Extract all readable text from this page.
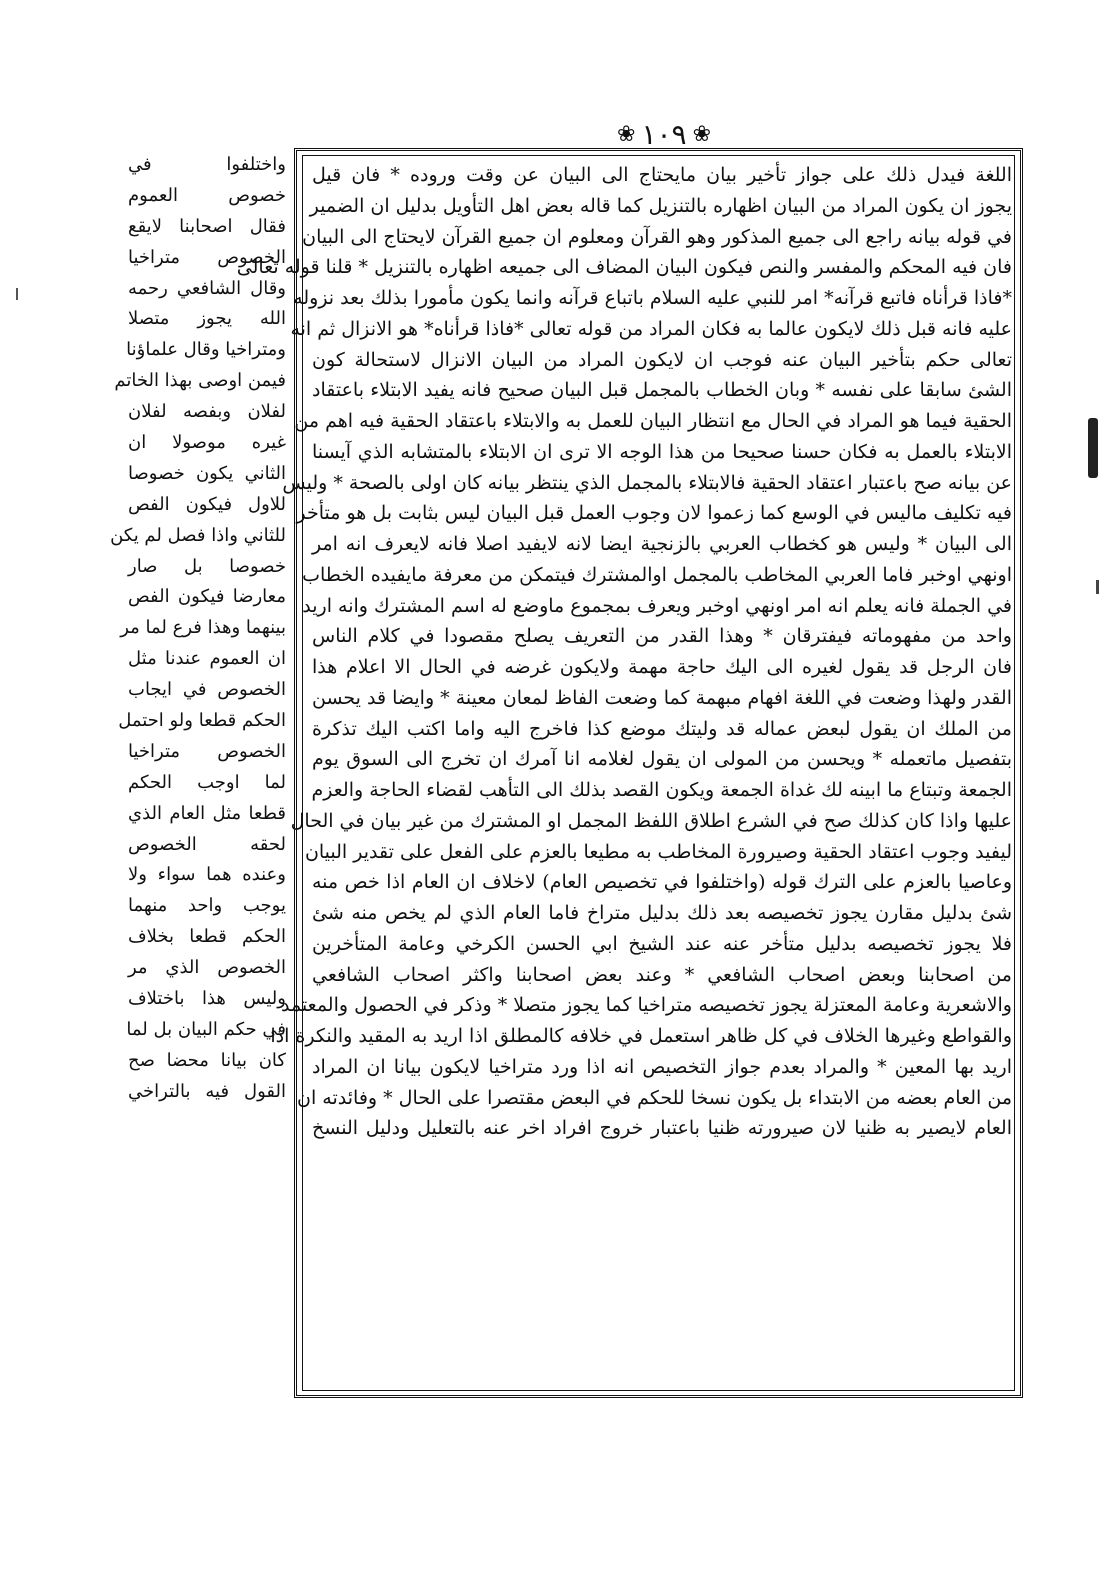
❀
١٠٩
❀
اللغة فيدل ذلك على جواز تأخير بيان مايحتاج الى البيان عن وقت وروده * فان قيل
يجوز ان يكون المراد من البيان اظهاره بالتنزيل كما قاله بعض اهل التأويل بدليل ان الضمير
في قوله بيانه راجع الى جميع المذكور وهو القرآن ومعلوم ان جميع القرآن لايحتاج الى البيان
فان فيه المحكم والمفسر والنص فيكون البيان المضاف الى جميعه اظهاره بالتنزيل * قلنا قوله تعالى
*فاذا قرأناه فاتبع قرآنه* امر للنبي عليه السلام باتباع قرآنه وانما يكون مأمورا بذلك بعد نزوله
عليه فانه قبل ذلك لايكون عالما به فكان المراد من قوله تعالى *فاذا قرأناه* هو الانزال ثم انه
تعالى حكم بتأخير البيان عنه فوجب ان لايكون المراد من البيان الانزال لاستحالة كون
الشئ سابقا على نفسه * وبان الخطاب بالمجمل قبل البيان صحيح فانه يفيد الابتلاء باعتقاد
الحقية فيما هو المراد في الحال مع انتظار البيان للعمل به والابتلاء باعتقاد الحقية فيه اهم من
الابتلاء بالعمل به فكان حسنا صحيحا من هذا الوجه الا ترى ان الابتلاء بالمتشابه الذي آيسنا
عن بيانه صح باعتبار اعتقاد الحقية فالابتلاء بالمجمل الذي ينتظر بيانه كان اولى بالصحة * وليس
فيه تكليف ماليس في الوسع كما زعموا لان وجوب العمل قبل البيان ليس بثابت بل هو متأخر
الى البيان * وليس هو كخطاب العربي بالزنجية ايضا لانه لايفيد اصلا فانه لايعرف انه امر
اونهي اوخبر فاما العربي المخاطب بالمجمل اوالمشترك فيتمكن من معرفة مايفيده الخطاب
في الجملة فانه يعلم انه امر اونهي اوخبر ويعرف بمجموع ماوضع له اسم المشترك وانه اريد
واحد من مفهوماته فيفترقان * وهذا القدر من التعريف يصلح مقصودا في كلام الناس
فان الرجل قد يقول لغيره الى اليك حاجة مهمة ولايكون غرضه في الحال الا اعلام هذا
القدر ولهذا وضعت في اللغة افهام مبهمة كما وضعت الفاظ لمعان معينة * وايضا قد يحسن
من الملك ان يقول لبعض عماله قد وليتك موضع كذا فاخرج اليه واما اكتب اليك تذكرة
بتفصيل ماتعمله * ويحسن من المولى ان يقول لغلامه انا آمرك ان تخرج الى السوق يوم
الجمعة وتبتاع ما ابينه لك غداة الجمعة ويكون القصد بذلك الى التأهب لقضاء الحاجة والعزم
عليها واذا كان كذلك صح في الشرع اطلاق اللفظ المجمل او المشترك من غير بيان في الحال
ليفيد وجوب اعتقاد الحقية وصيرورة المخاطب به مطيعا بالعزم على الفعل على تقدير البيان
وعاصيا بالعزم على الترك قوله (واختلفوا في تخصيص العام) لاخلاف ان العام اذا خص منه
شئ بدليل مقارن يجوز تخصيصه بعد ذلك بدليل متراخ فاما العام الذي لم يخص منه شئ
فلا يجوز تخصيصه بدليل متأخر عنه عند الشيخ ابي الحسن الكرخي وعامة المتأخرين
من اصحابنا وبعض اصحاب الشافعي * وعند بعض اصحابنا واكثر اصحاب الشافعي
والاشعرية وعامة المعتزلة يجوز تخصيصه متراخيا كما يجوز متصلا * وذكر في الحصول والمعتمد
والقواطع وغيرها الخلاف في كل ظاهر استعمل في خلافه كالمطلق اذا اريد به المقيد والنكرة اذا
اريد بها المعين * والمراد بعدم جواز التخصيص انه اذا ورد متراخيا لايكون بيانا ان المراد
من العام بعضه من الابتداء بل يكون نسخا للحكم في البعض مقتصرا على الحال * وفائدته ان
العام لايصير به ظنيا لان صيرورته ظنيا باعتبار خروج افراد اخر عنه بالتعليل ودليل النسخ
واختلفوا في
خصوص العموم
فقال اصحابنا لايقع
الخصوص متراخيا
وقال الشافعي رحمه
الله يجوز متصلا
ومتراخيا وقال علماؤنا
فيمن اوصى بهذا الخاتم
لفلان وبفصه لفلان
غيره موصولا ان
الثاني يكون خصوصا
للاول فيكون الفص
للثاني واذا فصل لم يكن
خصوصا بل صار
معارضا فيكون الفص
بينهما وهذا فرع لما مر
ان العموم عندنا مثل
الخصوص في ايجاب
الحكم قطعا ولو احتمل
الخصوص متراخيا
لما اوجب الحكم
قطعا مثل العام الذي
لحقه الخصوص
وعنده هما سواء ولا
يوجب واحد منهما
الحكم قطعا بخلاف
الخصوص الذي مر
وليس هذا باختلاف
في حكم البيان بل لما
كان بيانا محضا صح
القول فيه بالتراخي
